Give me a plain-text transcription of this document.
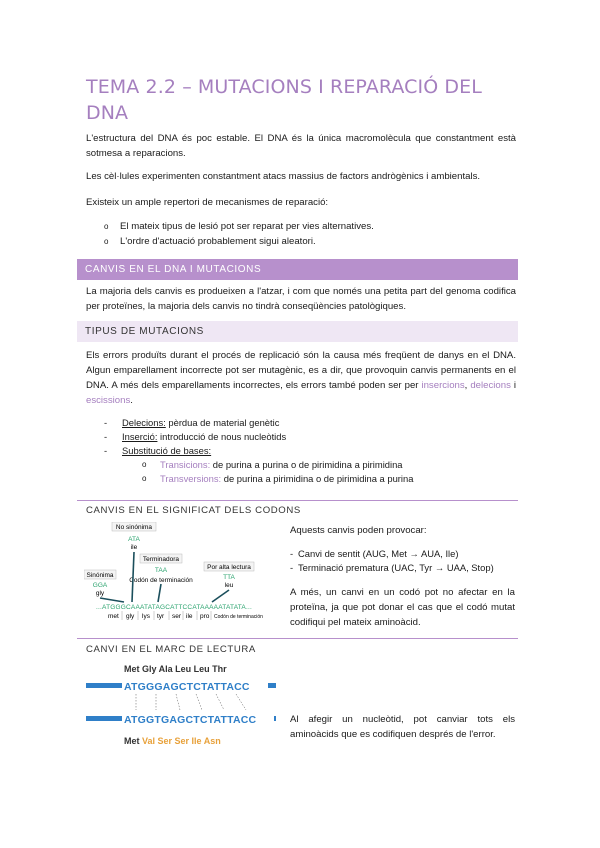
TEMA 2.2 – MUTACIONS I REPARACIÓ DEL DNA

L'estructura del DNA és poc estable. El DNA és la única macromolècula que constantment està sotmesa a reparacions.

Les cèl·lules experimenten constantment atacs massius de factors andrògènics i ambientals.

Existeix un ample repertori de mecanismes de reparació:

o El mateix tipus de lesió pot ser reparat per vies alternatives.
o L'ordre d'actuació probablement sigui aleatori.
CANVIS EN EL DNA I MUTACIONS

La majoria dels canvis es produeixen a l'atzar, i com que només una petita part del genoma codifica per proteïnes, la majoria dels canvis no tindrà conseqüències patològiques.

TIPUS DE MUTACIONS

Els errors produïts durant el procés de replicació són la causa més freqüent de danys en el DNA. Algun emparellament incorrecte pot ser mutagènic, es a dir, que provoquin canvis permanents en el DNA. A més dels emparellaments incorrectes, els errors també poden ser per insercions, delecions i escissions.

- Delecions: pèrdua de material genètic
- Inserció: introducció de nous nucleòtids
- Substitució de bases:
o Transicions: de purina a purina o de pirimidina a pirimidina
o Transversions: de purina a pirimidina o de pirimidina a purina
CANVIS EN EL SIGNIFICAT DELS CODONS
No sinónima
ATA
ile
Terminadora
TAA
Codón de terminación
Por alta lectura
TTA
leu
Sinónima
GGA
gly
...ATGGGCAAATATAGCATTCCATAAAAATATATA...
met gly lys tyr ser ile pro Codón de terminación

Aquests canvis poden provocar:

- Canvi de sentit (AUG, Met → AUA, Ile)
- Terminació prematura (UAC, Tyr → UAA, Stop)

A més, un canvi en un codó pot no afectar en la proteïna, ja que pot donar el cas que el codó mutat codifiqui pel mateix aminoàcid.

CANVI EN EL MARC DE LECTURA
Met Gly Ala Leu Leu Thr
ATGGGAGCTCTATTACC
ATGGTGAGCTCTATTACC
Met Val Ser Ser Ile Asn

Al afegir un nucleòtid, pot canviar tots els aminoàcids que es codifiquen després de l'error.
